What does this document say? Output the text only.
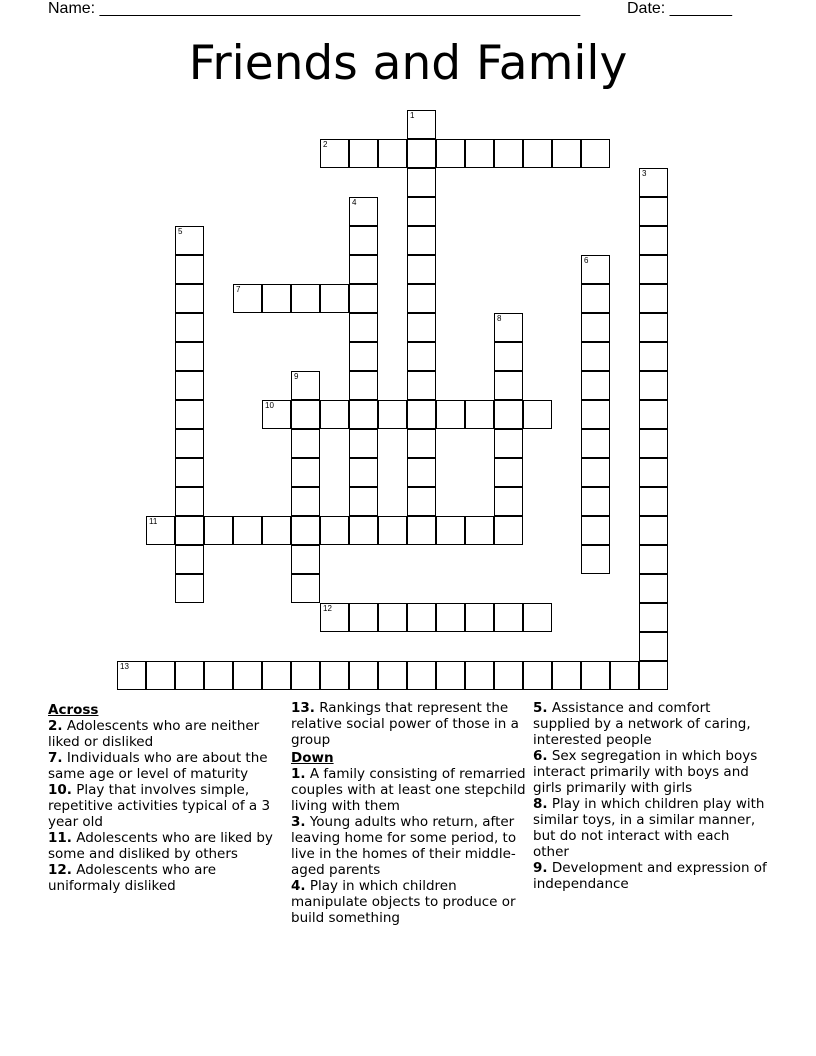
Name: ______________________________________________________	Date: _______
Friends and Family
1
2
3
4
5
6
7
8
9
10
11
12
13
Across
2. Adolescents who are neither liked or disliked
7. Individuals who are about the same age or level of maturity
10. Play that involves simple, repetitive activities typical of a 3 year old
11. Adolescents who are liked by some and disliked by others
12. Adolescents who are uniformaly disliked
13. Rankings that represent the relative social power of those in a group
Down
1. A family consisting of remarried couples with at least one stepchild living with them
3. Young adults who return, after leaving home for some period, to live in the homes of their middle-aged parents
4. Play in which children manipulate objects to produce or build something
5. Assistance and comfort supplied by a network of caring, interested people
6. Sex segregation in which boys interact primarily with boys and girls primarily with girls
8. Play in which children play with similar toys, in a similar manner, but do not interact with each other
9. Development and expression of independance
